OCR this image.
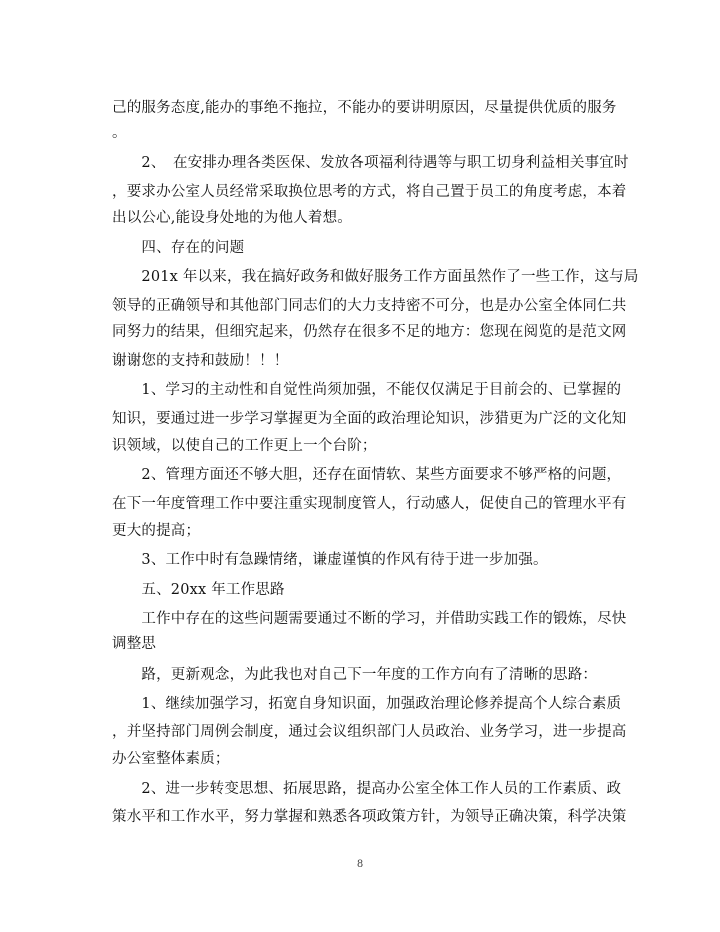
己的服务态度,能办的事绝不拖拉，不能办的要讲明原因，尽量提供优质的服务
。
　　2、　在安排办理各类医保、发放各项福利待遇等与职工切身利益相关事宜时
，要求办公室人员经常采取换位思考的方式，将自己置于员工的角度考虑，本着
出以公心,能设身处地的为他人着想。
　　四、存在的问题
　　201x 年以来，我在搞好政务和做好服务工作方面虽然作了一些工作，这与局
领导的正确领导和其他部门同志们的大力支持密不可分，也是办公室全体同仁共
同努力的结果，但细究起来，仍然存在很多不足的地方：您现在阅览的是范文网
谢谢您的支持和鼓励！！！
　　1、学习的主动性和自觉性尚须加强，不能仅仅满足于目前会的、已掌握的
知识，要通过进一步学习掌握更为全面的政治理论知识，涉猎更为广泛的文化知
识领域，以使自己的工作更上一个台阶；
　　2、管理方面还不够大胆，还存在面情软、某些方面要求不够严格的问题，
在下一年度管理工作中要注重实现制度管人，行动感人，促使自己的管理水平有
更大的提高；
　　3、工作中时有急躁情绪，谦虚谨慎的作风有待于进一步加强。
　　五、20xx 年工作思路
　　工作中存在的这些问题需要通过不断的学习，并借助实践工作的锻炼，尽快
调整思
　　路，更新观念，为此我也对自己下一年度的工作方向有了清晰的思路：
　　1、继续加强学习，拓宽自身知识面，加强政治理论修养提高个人综合素质
，并坚持部门周例会制度，通过会议组织部门人员政治、业务学习，进一步提高
办公室整体素质；
　　2、进一步转变思想、拓展思路，提高办公室全体工作人员的工作素质、政
策水平和工作水平，努力掌握和熟悉各项政策方针，为领导正确决策，科学决策
8
